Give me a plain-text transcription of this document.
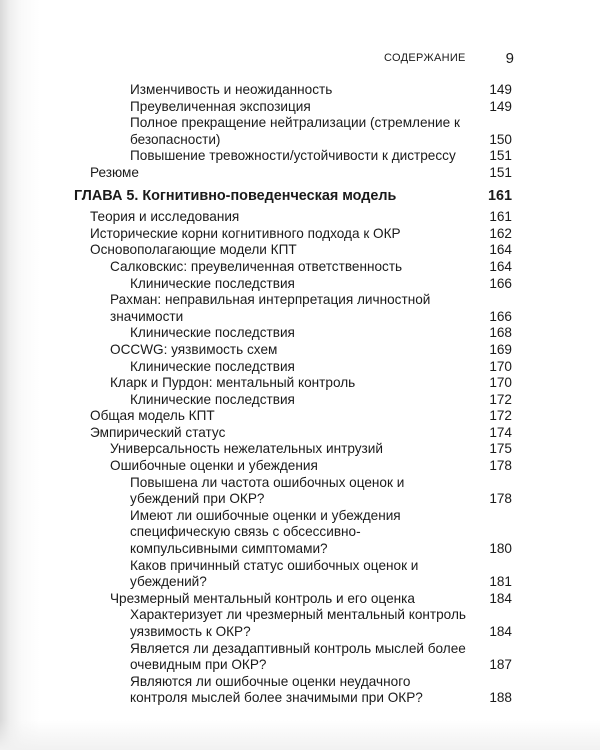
СОДЕРЖАНИЕ	9
Изменчивость и неожиданность	149
Преувеличенная экспозиция	149
Полное прекращение нейтрализации (стремление к безопасности)	150
Повышение тревожности/устойчивости к дистрессу	151
Резюме	151
ГЛАВА 5. Когнитивно-поведенческая модель	161
Теория и исследования	161
Исторические корни когнитивного подхода к ОКР	162
Основополагающие модели КПТ	164
Салковскис: преувеличенная ответственность	164
Клинические последствия	166
Рахман: неправильная интерпретация личностной значимости	166
Клинические последствия	168
OCCWG: уязвимость схем	169
Клинические последствия	170
Кларк и Пурдон: ментальный контроль	170
Клинические последствия	172
Общая модель КПТ	172
Эмпирический статус	174
Универсальность нежелательных интрузий	175
Ошибочные оценки и убеждения	178
Повышена ли частота ошибочных оценок и убеждений при ОКР?	178
Имеют ли ошибочные оценки и убеждения специфическую связь с обсессивно-компульсивными симптомами?	180
Каков причинный статус ошибочных оценок и убеждений?	181
Чрезмерный ментальный контроль и его оценка	184
Характеризует ли чрезмерный ментальный контроль уязвимость к ОКР?	184
Является ли дезадаптивный контроль мыслей более очевидным при ОКР?	187
Являются ли ошибочные оценки неудачного контроля мыслей более значимыми при ОКР?	188
